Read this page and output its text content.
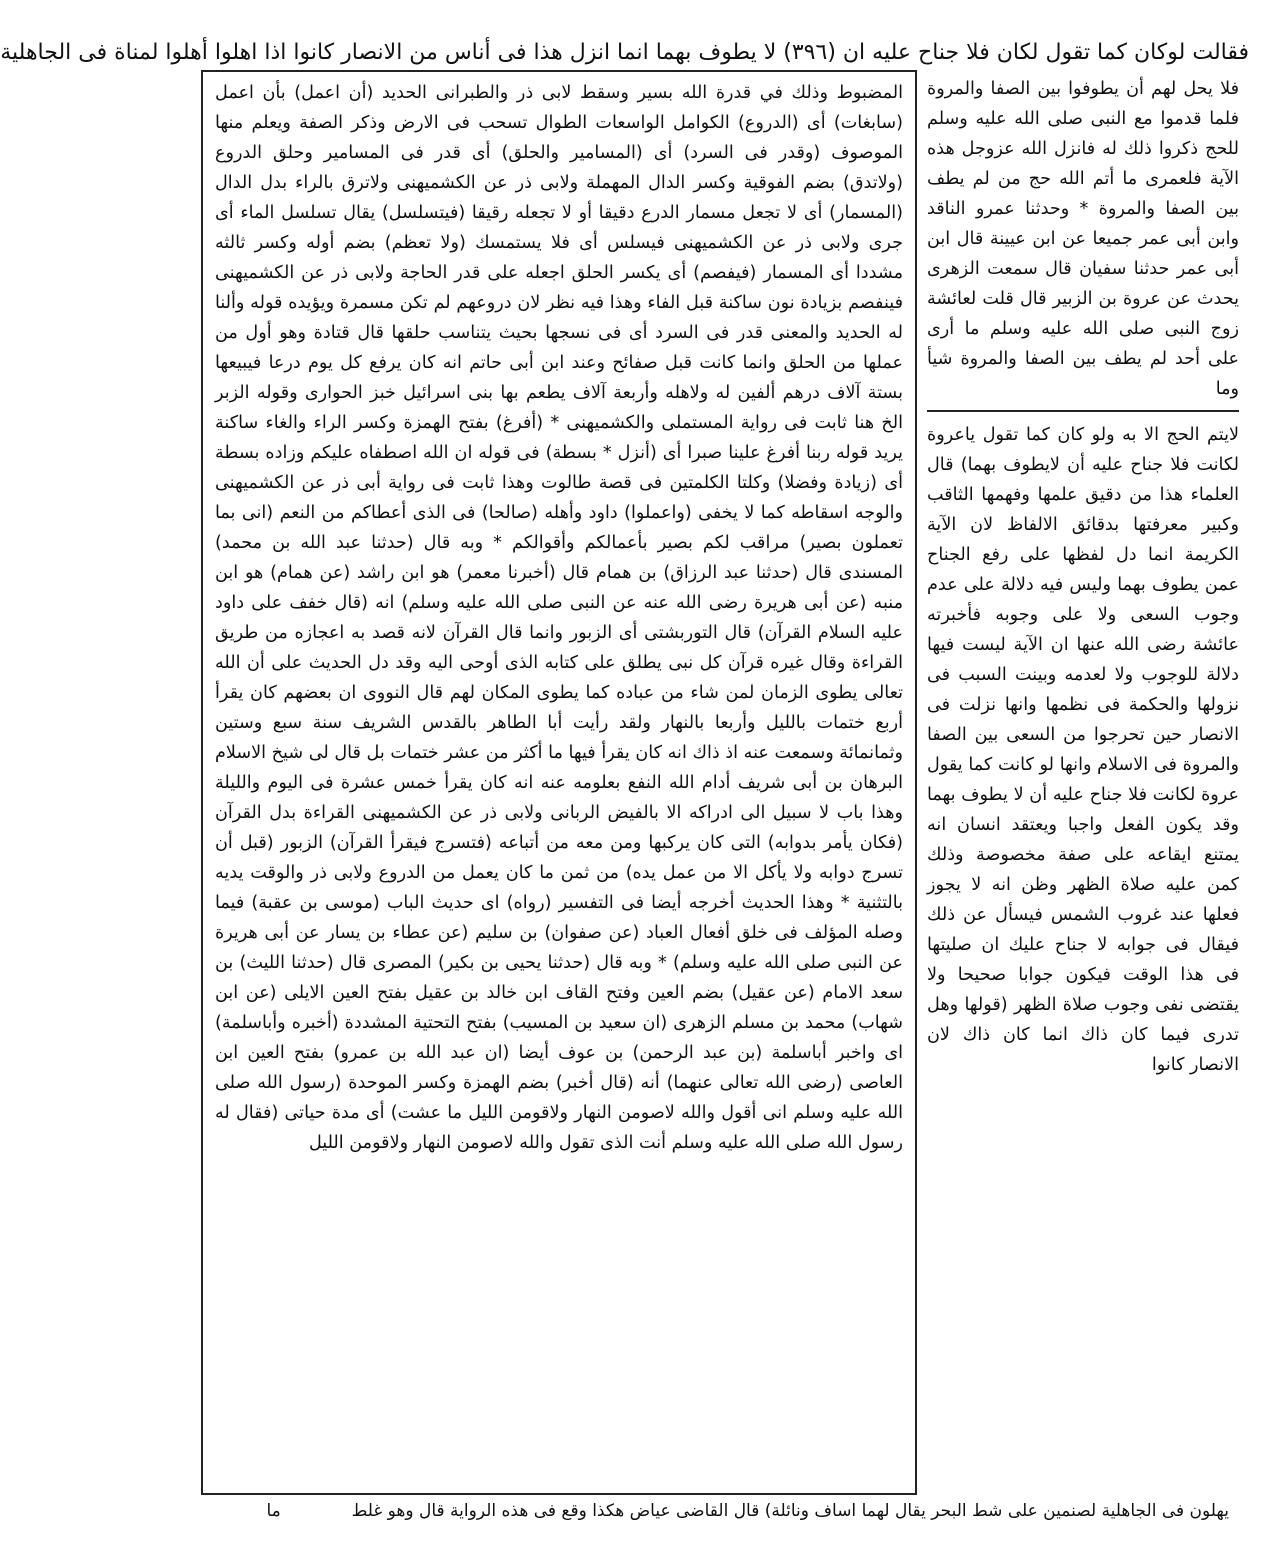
فقالت لوكان كما تقول لكان فلا جناح عليه ان (٣٩٦) لا يطوف بهما انما انزل هذا فى أناس من الانصار كانوا اذا اهلوا أهلوا لمناة فى الجاهلية

المضبوط وذلك في قدرة الله بسير وسقط لابى ذر والطبرانى الحديد (أن اعمل) بأن اعمل (سابغات) أى (الدروع) الكوامل الواسعات الطوال تسحب فى الارض وذكر الصفة ويعلم منها الموصوف (وقدر فى السرد) أى (المسامير والحلق) أى قدر فى المسامير وحلق الدروع (ولاتدق) بضم الفوقية وكسر الدال المهملة ولابى ذر عن الكشميهنى ولاترق بالراء بدل الدال (المسمار) أى لا تجعل مسمار الدرع دقيقا أو لا تجعله رقيقا (فيتسلسل) يقال تسلسل الماء أى جرى ولابى ذر عن الكشميهنى فيسلس أى فلا يستمسك (ولا تعظم) بضم أوله وكسر ثالثه مشددا أى المسمار (فيفصم) أى يكسر الحلق اجعله على قدر الحاجة ولابى ذر عن الكشميهنى فينفصم بزيادة نون ساكنة قبل الفاء وهذا فيه نظر لان دروعهم لم تكن مسمرة ويؤيده قوله وألنا له الحديد والمعنى قدر فى السرد أى فى نسجها بحيث يتناسب حلقها قال قتادة وهو أول من عملها من الحلق وانما كانت قبل صفائح وعند ابن أبى حاتم انه كان يرفع كل يوم درعا فيبيعها بستة آلاف درهم ألفين له ولاهله وأربعة آلاف يطعم بها بنى اسرائيل خبز الحوارى وقوله الزبر الخ هنا ثابت فى رواية المستملى والكشميهنى * (أفرغ) بفتح الهمزة وكسر الراء والغاء ساكنة يريد قوله ربنا أفرغ علينا صبرا أى (أنزل * بسطة) فى قوله ان الله اصطفاه عليكم وزاده بسطة أى (زيادة وفضلا) وكلتا الكلمتين فى قصة طالوت وهذا ثابت فى رواية أبى ذر عن الكشميهنى والوجه اسقاطه كما لا يخفى (واعملوا) داود وأهله (صالحا) فى الذى أعطاكم من النعم (انى بما تعملون بصير) مراقب لكم بصير بأعمالكم وأقوالكم * وبه قال (حدثنا عبد الله بن محمد) المسندى قال (حدثنا عبد الرزاق) بن همام قال (أخبرنا معمر) هو ابن راشد (عن همام) هو ابن منبه (عن أبى هريرة رضى الله عنه عن النبى صلى الله عليه وسلم) انه (قال خفف على داود عليه السلام القرآن) قال التوربشتى أى الزبور وانما قال القرآن لانه قصد به اعجازه من طريق القراءة وقال غيره قرآن كل نبى يطلق على كتابه الذى أوحى اليه وقد دل الحديث على أن الله تعالى يطوى الزمان لمن شاء من عباده كما يطوى المكان لهم قال النووى ان بعضهم كان يقرأ أربع ختمات بالليل وأربعا بالنهار ولقد رأيت أبا الطاهر بالقدس الشريف سنة سبع وستين وثمانمائة وسمعت عنه اذ ذاك انه كان يقرأ فيها ما أكثر من عشر ختمات بل قال لى شيخ الاسلام البرهان بن أبى شريف أدام الله النفع بعلومه عنه انه كان يقرأ خمس عشرة فى اليوم والليلة وهذا باب لا سبيل الى ادراكه الا بالفيض الربانى ولابى ذر عن الكشميهنى القراءة بدل القرآن (فكان يأمر بدوابه) التى كان يركبها ومن معه من أتباعه (فتسرج فيقرأ القرآن) الزبور (قبل أن تسرج دوابه ولا يأكل الا من عمل يده) من ثمن ما كان يعمل من الدروع ولابى ذر والوقت يديه بالتثنية * وهذا الحديث أخرجه أيضا فى التفسير (رواه) اى حديث الباب (موسى بن عقبة) فيما وصله المؤلف فى خلق أفعال العباد (عن صفوان) بن سليم (عن عطاء بن يسار عن أبى هريرة عن النبى صلى الله عليه وسلم) * وبه قال (حدثنا يحيى بن بكير) المصرى قال (حدثنا الليث) بن سعد الامام (عن عقيل) بضم العين وفتح القاف ابن خالد بن عقيل بفتح العين الايلى (عن ابن شهاب) محمد بن مسلم الزهرى (ان سعيد بن المسيب) بفتح التحتية المشددة (أخبره وأباسلمة) اى واخبر أباسلمة (بن عبد الرحمن) بن عوف أيضا (ان عبد الله بن عمرو) بفتح العين ابن العاصى (رضى الله تعالى عنهما) أنه (قال أخبر) بضم الهمزة وكسر الموحدة (رسول الله صلى الله عليه وسلم انى أقول والله لاصومن النهار ولاقومن الليل ما عشت) أى مدة حياتى (فقال له رسول الله صلى الله عليه وسلم أنت الذى تقول والله لاصومن النهار ولاقومن الليل

فلا يحل لهم أن يطوفوا بين الصفا والمروة فلما قدموا مع النبى صلى الله عليه وسلم للحج ذكروا ذلك له فانزل الله عزوجل هذه الآية فلعمرى ما أتم الله حج من لم يطف بين الصفا والمروة * وحدثنا عمرو الناقد وابن أبى عمر جميعا عن ابن عيينة قال ابن أبى عمر حدثنا سفيان قال سمعت الزهرى يحدث عن عروة بن الزبير قال قلت لعائشة زوج النبى صلى الله عليه وسلم ما أرى على أحد لم يطف بين الصفا والمروة شيأ وما

لايتم الحج الا به ولو كان كما تقول ياعروة لكانت فلا جناح عليه أن لايطوف بهما) قال العلماء هذا من دقيق علمها وفهمها الثاقب وكبير معرفتها بدقائق الالفاظ لان الآية الكريمة انما دل لفظها على رفع الجناح عمن يطوف بهما وليس فيه دلالة على عدم وجوب السعى ولا على وجوبه فأخبرته عائشة رضى الله عنها ان الآية ليست فيها دلالة للوجوب ولا لعدمه وبينت السبب فى نزولها والحكمة فى نظمها وانها نزلت فى الانصار حين تحرجوا من السعى بين الصفا والمروة فى الاسلام وانها لو كانت كما يقول عروة لكانت فلا جناح عليه أن لا يطوف بهما وقد يكون الفعل واجبا ويعتقد انسان انه يمتنع ايقاعه على صفة مخصوصة وذلك كمن عليه صلاة الظهر وظن انه لا يجوز فعلها عند غروب الشمس فيسأل عن ذلك فيقال فى جوابه لا جناح عليك ان صليتها فى هذا الوقت فيكون جوابا صحيحا ولا يقتضى نفى وجوب صلاة الظهر (قولها وهل تدرى فيما كان ذاك انما كان ذاك لان الانصار كانوا

يهلون فى الجاهلية لصنمين على شط البحر يقال لهما اساف ونائلة) قال القاضى عياض هكذا وقع فى هذه الرواية قال وهو غلط  ما
